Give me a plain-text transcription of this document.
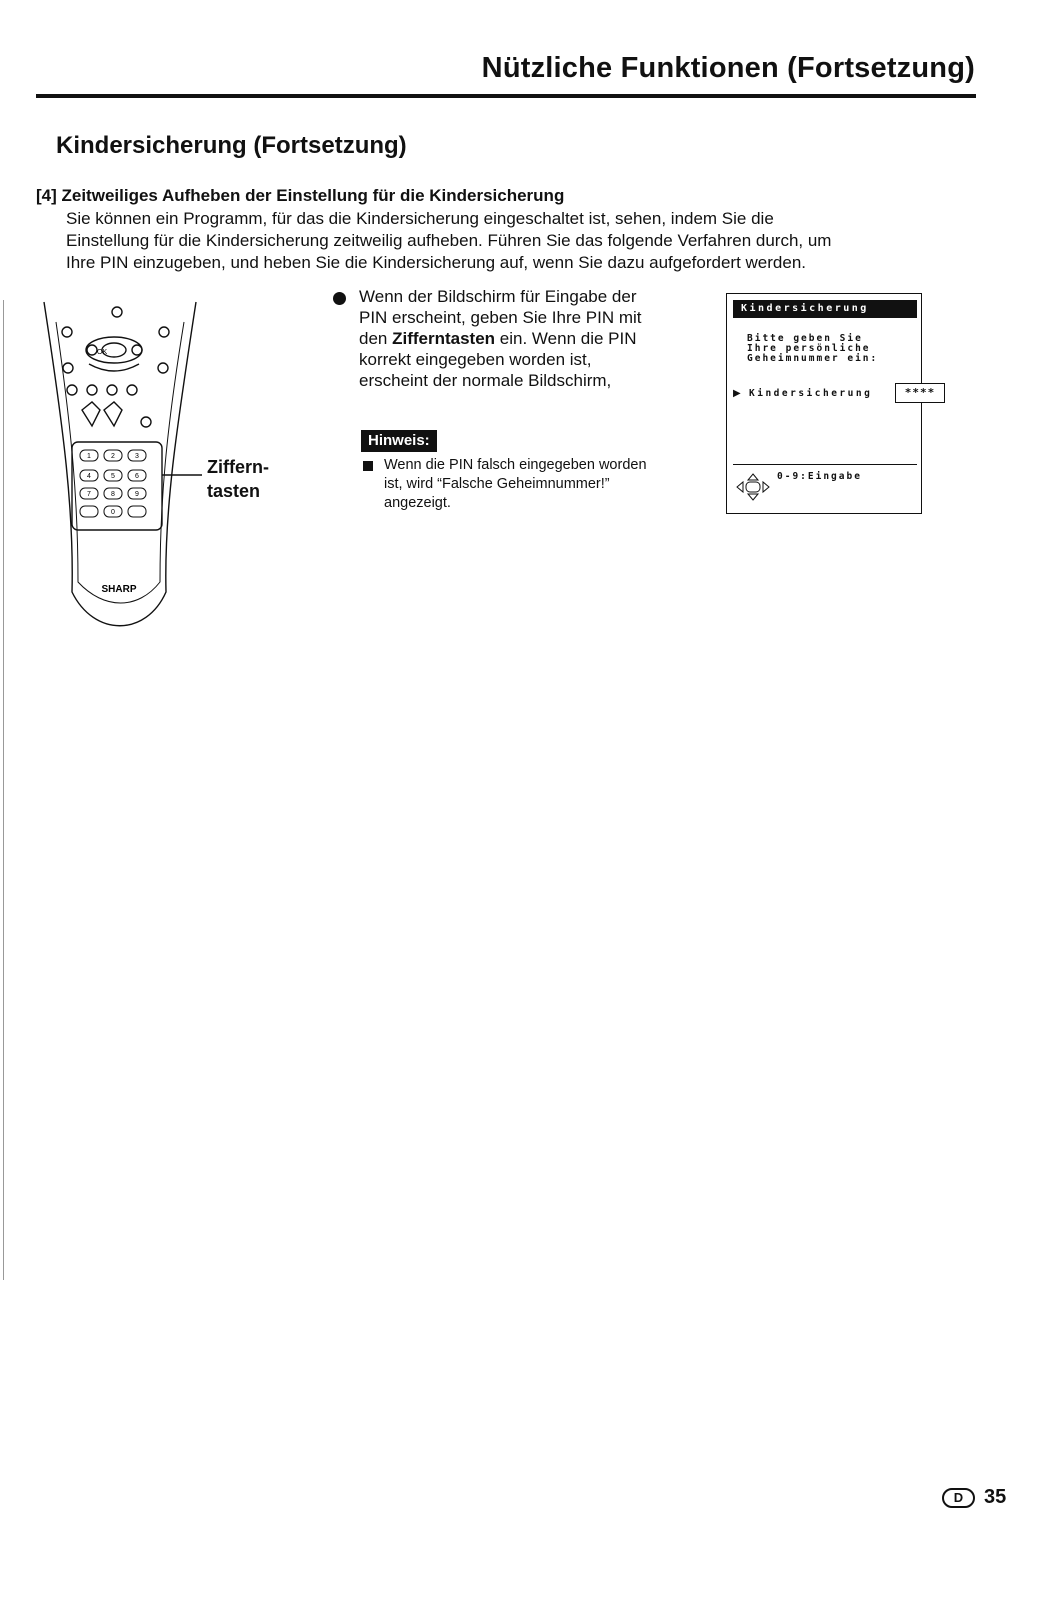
Nützliche Funktionen (Fortsetzung)
Kindersicherung (Fortsetzung)
[4] Zeitweiliges Aufheben der Einstellung für die Kindersicherung
Sie können ein Programm, für das die Kindersicherung eingeschaltet ist, sehen, indem Sie die
Einstellung für die Kindersicherung zeitweilig aufheben. Führen Sie das folgende Verfahren durch, um
Ihre PIN einzugeben, und heben Sie die Kindersicherung auf, wenn Sie dazu aufgefordert werden.
OK
1	2	3
4	5	6
7	8	9
0
SHARP
Ziffern-
tasten
Wenn der Bildschirm für Eingabe der PIN erscheint, geben Sie Ihre PIN mit den Zifferntasten ein. Wenn die PIN korrekt eingegeben worden ist, erscheint der normale Bildschirm,
Hinweis:
Wenn die PIN falsch eingegeben worden ist, wird “Falsche Geheimnummer!” angezeigt.
Kindersicherung
Bitte geben Sie
Ihre persönliche
Geheimnummer ein:
▶ Kindersicherung
0-9:Eingabe
****
D	35
